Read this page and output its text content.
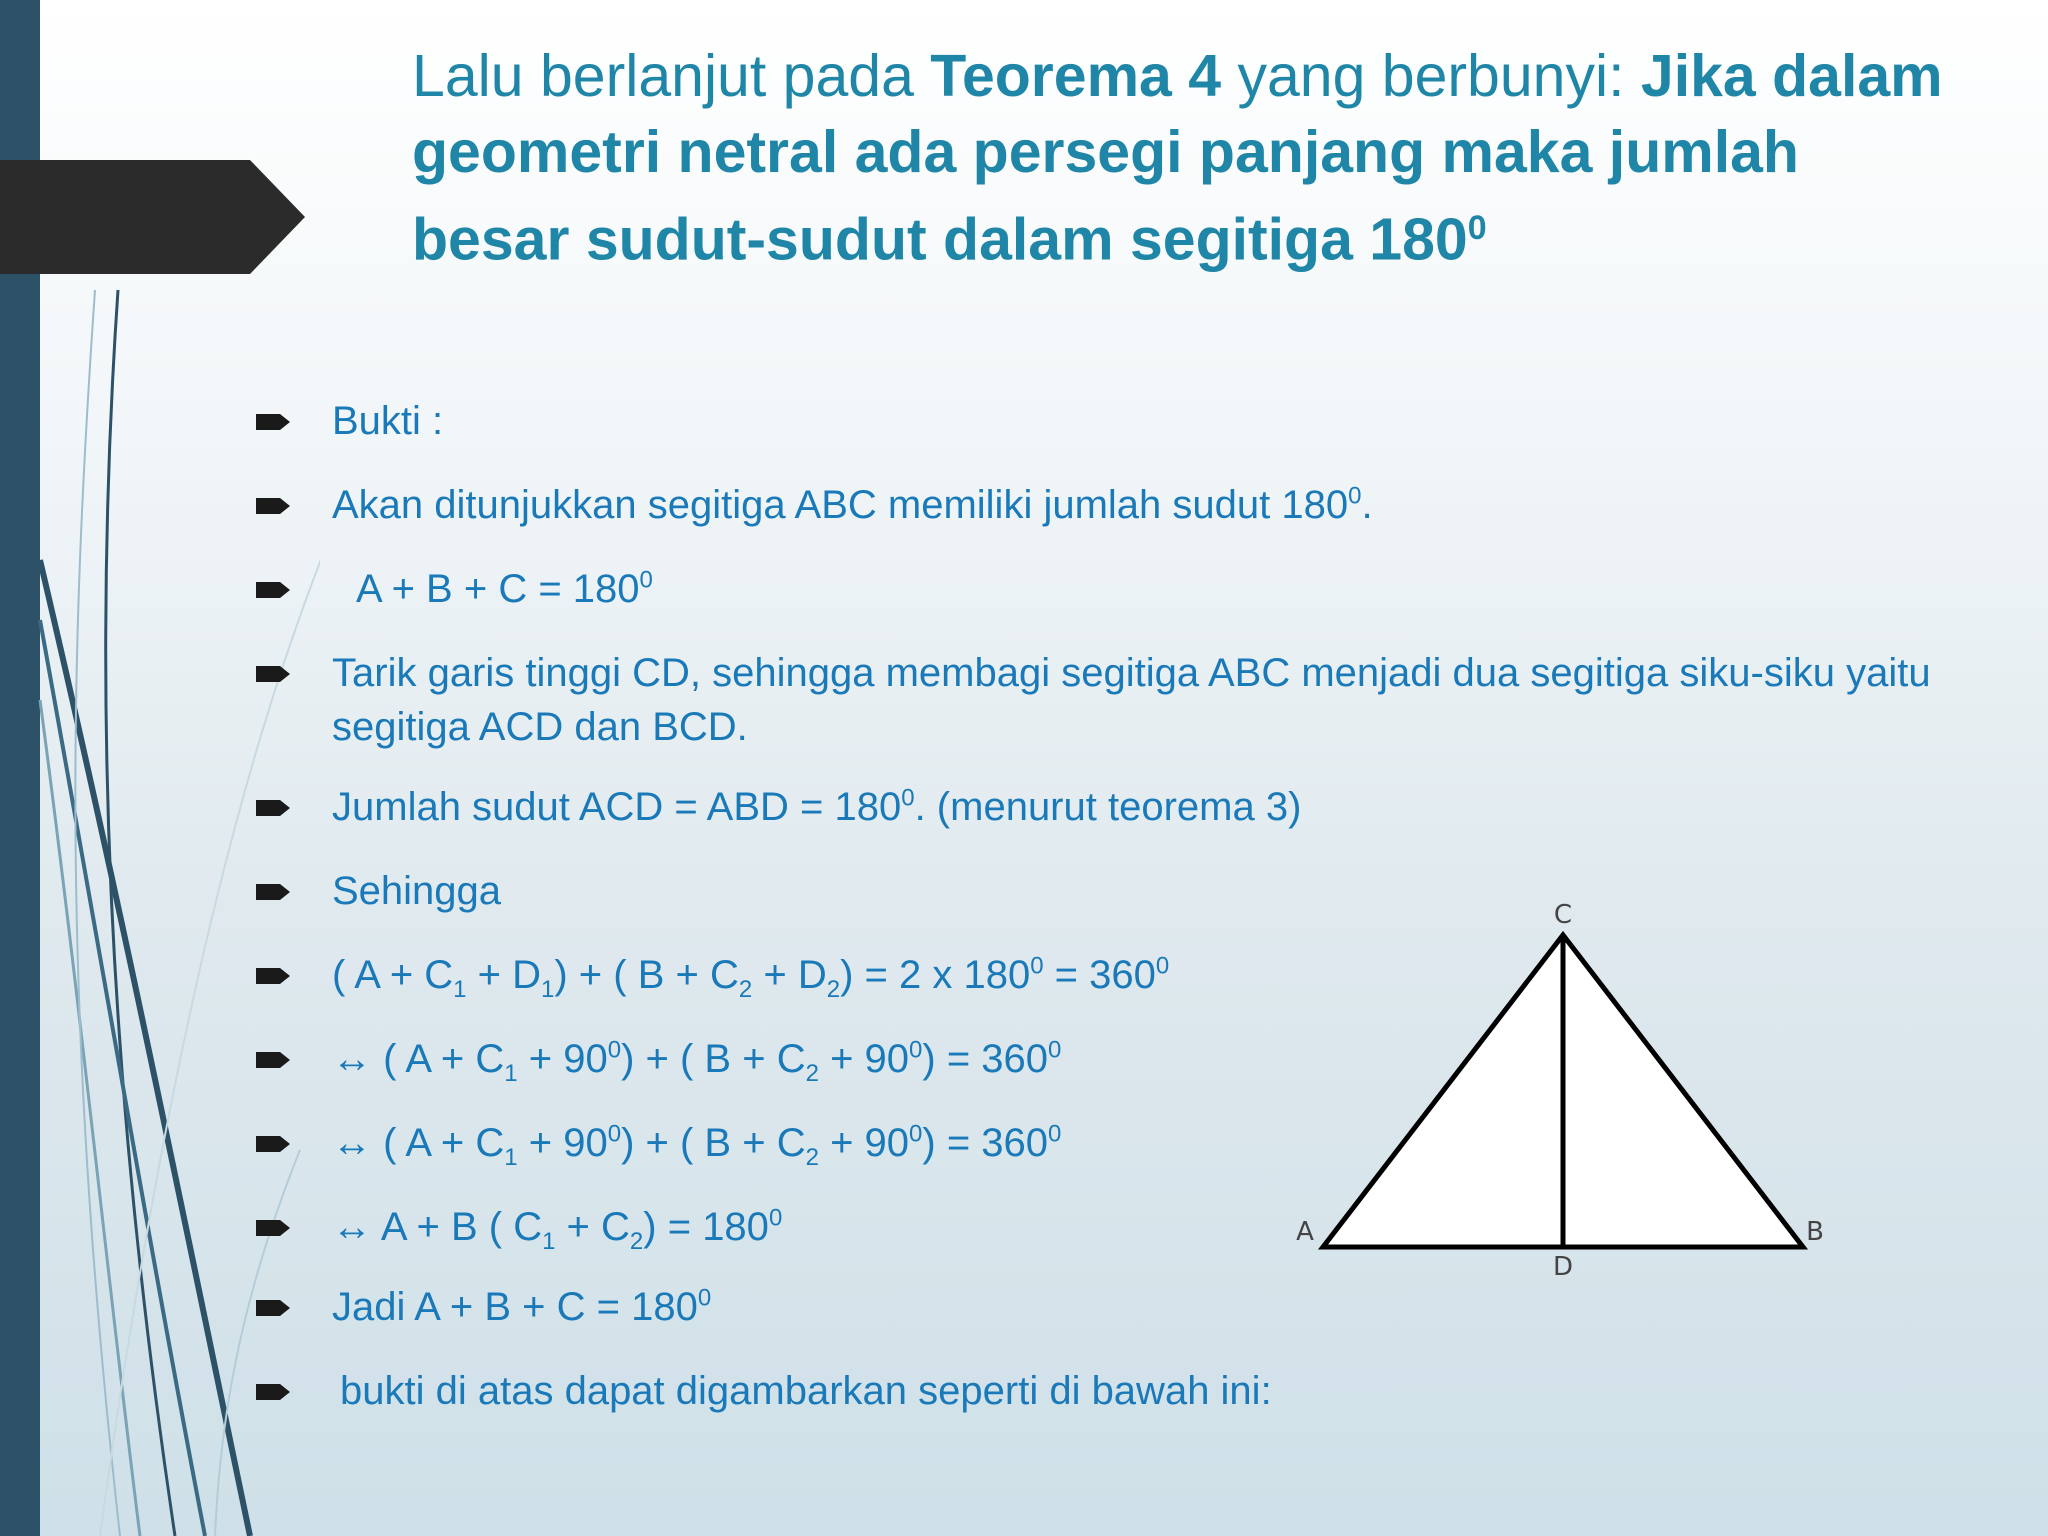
Lalu berlanjut pada Teorema 4 yang berbunyi: Jika dalam geometri netral ada persegi panjang maka jumlah besar sudut-sudut dalam segitiga $180^0$
Bukti :
Akan ditunjukkan segitiga ABC memiliki jumlah sudut $180^0$.
$A + B + C = 180^0$
Tarik garis tinggi CD, sehingga membagi segitiga ABC menjadi dua segitiga siku-siku yaitu segitiga ACD dan BCD.
Jumlah sudut ACD = ABD = $180^0$. (menurut teorema 3)
Sehingga
( $A + C_1 + D_1$) + ( $B + C_2 + D_2) = 2$ x $180^0 = 360^0$
↔ ( $A + C_1 + 90^0$) + ( $B + C_2 + 90^0) = 360^0$
↔ ( $A + C_1 + 90^0$) + ( $B + C_2 + 90^0) = 360^0$
↔ A + B ( $C_1 + C_2) = 180^0$
Jadi $A + B + C = 180^0$
bukti di atas dapat digambarkan seperti di bawah ini:
C
A	B
D
